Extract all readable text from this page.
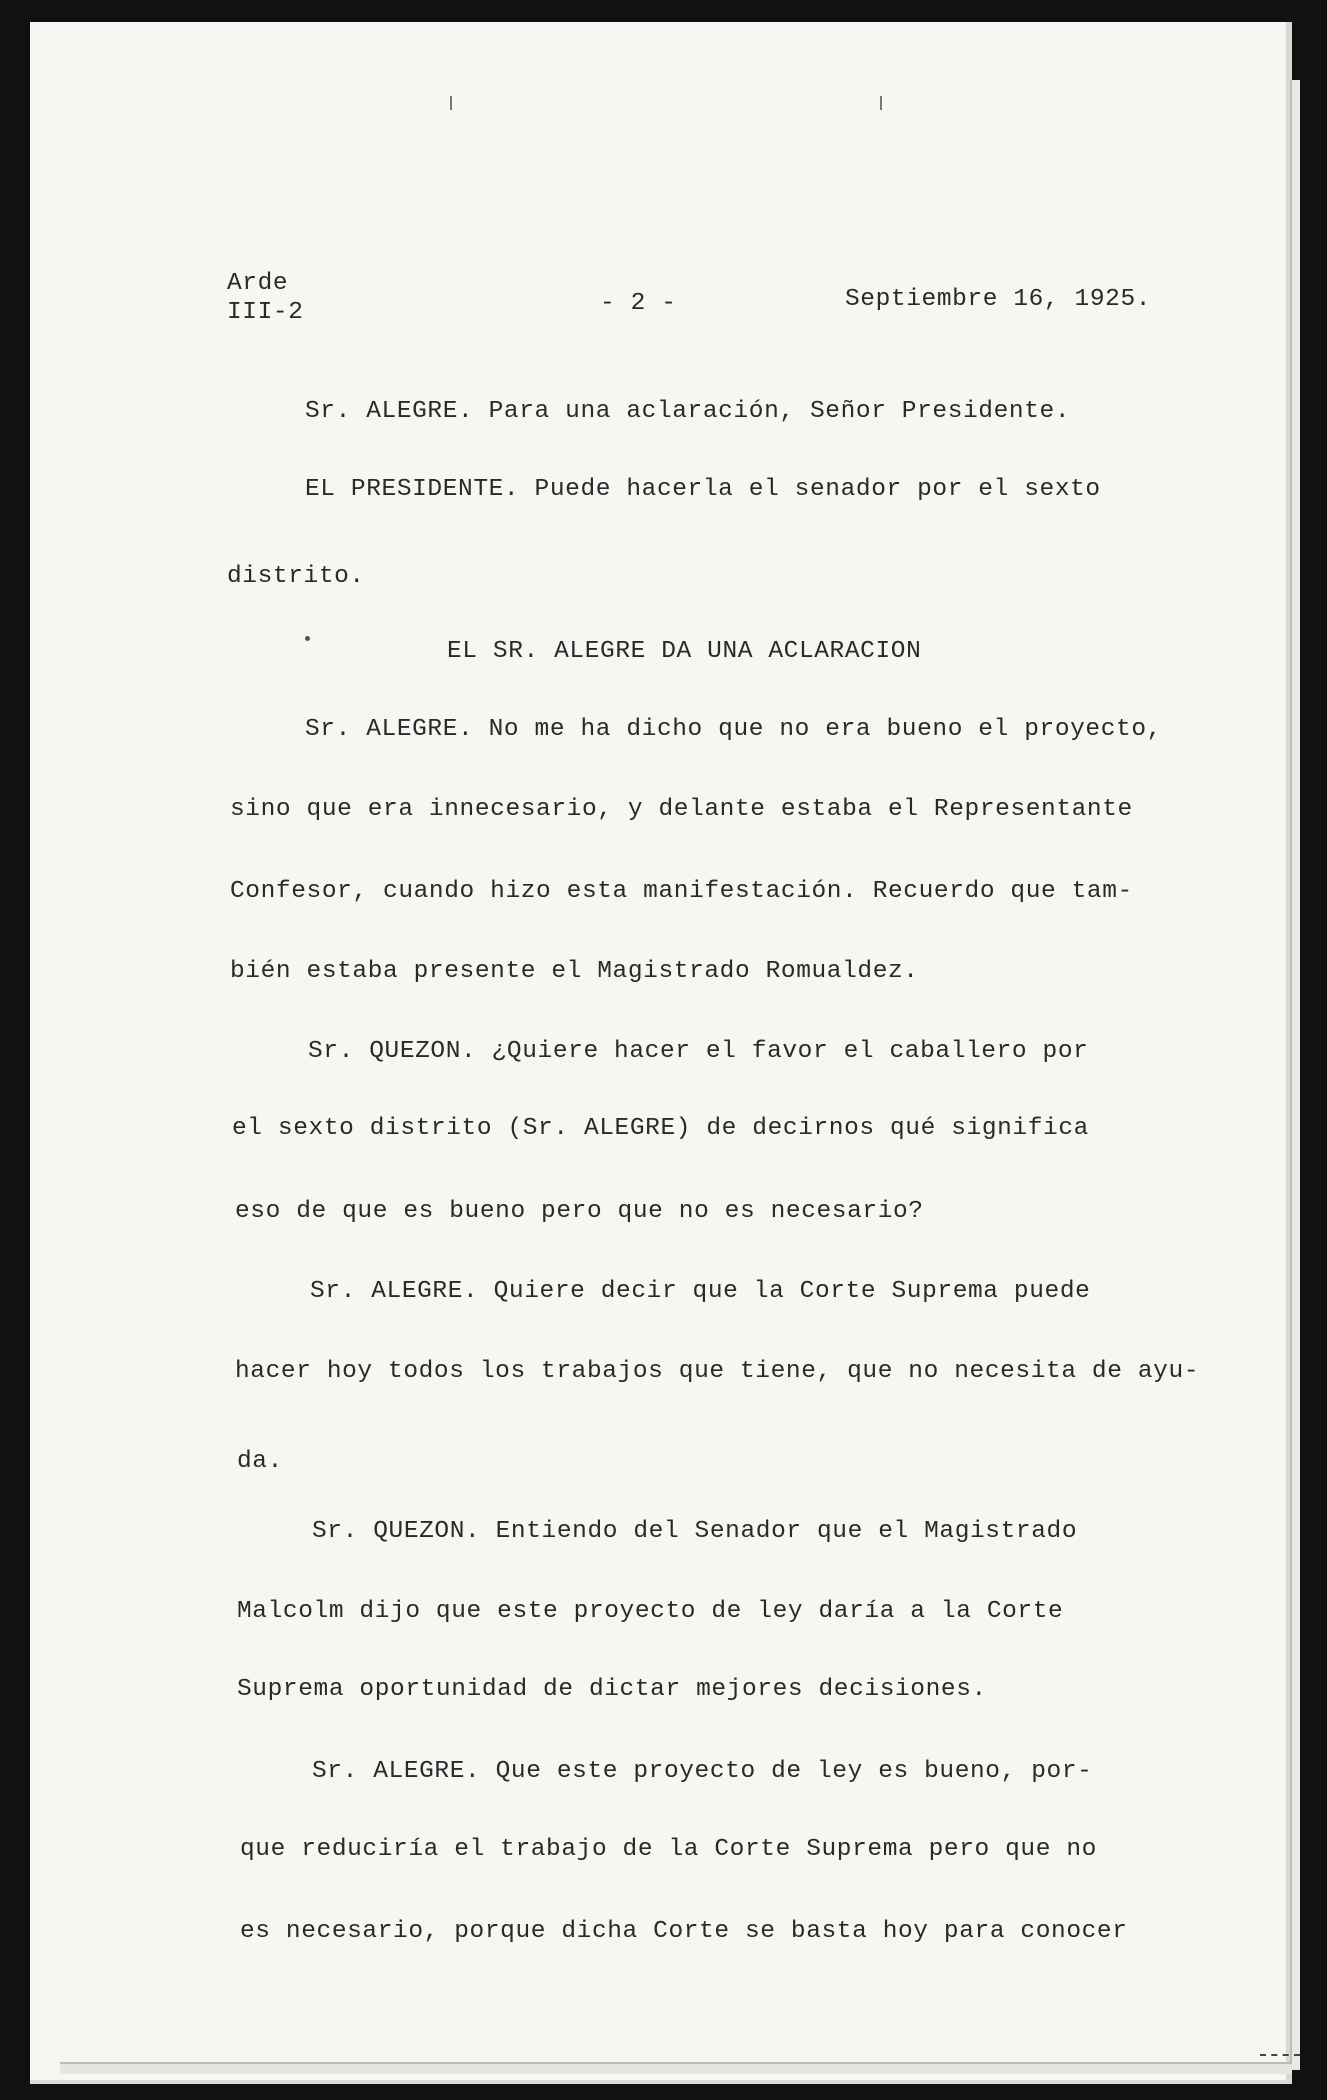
Arde

III-2	- 2 -	Septiembre 16, 1925.

Sr. ALEGRE. Para una aclaración, Señor Presidente.

EL PRESIDENTE. Puede hacerla el senador por el sexto

distrito.

EL SR. ALEGRE DA UNA ACLARACION

Sr. ALEGRE. No me ha dicho que no era bueno el proyecto,

sino que era innecesario, y delante estaba el Representante

Confesor, cuando hizo esta manifestación. Recuerdo que tam-

bién estaba presente el Magistrado Romualdez.

Sr. QUEZON. ¿Quiere hacer el favor el caballero por

el sexto distrito (Sr. ALEGRE) de decirnos qué significa

eso de que es bueno pero que no es necesario?

Sr. ALEGRE. Quiere decir que la Corte Suprema puede

hacer hoy todos los trabajos que tiene, que no necesita de ayu-

da.

Sr. QUEZON. Entiendo del Senador que el Magistrado

Malcolm dijo que este proyecto de ley daría a la Corte

Suprema oportunidad de dictar mejores decisiones.

Sr. ALEGRE. Que este proyecto de ley es bueno, por-

que reduciría el trabajo de la Corte Suprema pero que no

es necesario, porque dicha Corte se basta hoy para conocer
